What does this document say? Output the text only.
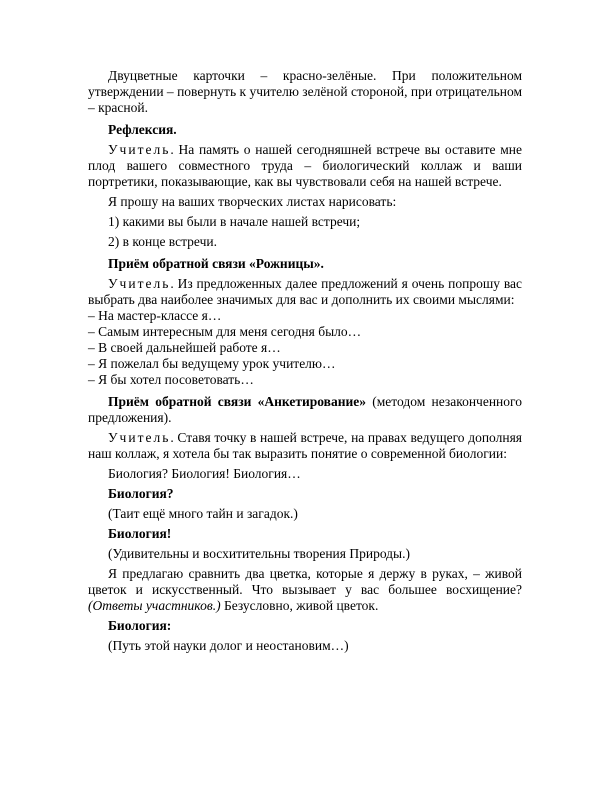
Двуцветные карточки – красно-зелёные. При положительном утверждении – повернуть к учителю зелёной стороной, при отрицательном – красной.

Рефлексия.

Учитель. На память о нашей сегодняшней встрече вы оставите мне плод вашего совместного труда – биологический коллаж и ваши портретики, показывающие, как вы чувствовали себя на нашей встрече.

Я прошу на ваших творческих листах нарисовать:

1) какими вы были в начале нашей встречи;

2) в конце встречи.

Приём обратной связи «Рожницы».

Учитель. Из предложенных далее предложений я очень попрошу вас выбрать два наиболее значимых для вас и дополнить их своими мыслями:

– На мастер-классе я…

– Самым интересным для меня сегодня было…

– В своей дальнейшей работе я…

– Я пожелал бы ведущему урок учителю…

– Я бы хотел посоветовать…

Приём обратной связи «Анкетирование» (методом незаконченного предложения).

Учитель. Ставя точку в нашей встрече, на правах ведущего дополняя наш коллаж, я хотела бы так выразить понятие о современной биологии:

Биология? Биология! Биология…

Биология?

(Таит ещё много тайн и загадок.)

Биология!

(Удивительны и восхитительны творения Природы.)

Я предлагаю сравнить два цветка, которые я держу в руках, – живой цветок и искусственный. Что вызывает у вас большее восхищение? (Ответы участников.) Безусловно, живой цветок.

Биология:

(Путь этой науки долог и неостановим…)
